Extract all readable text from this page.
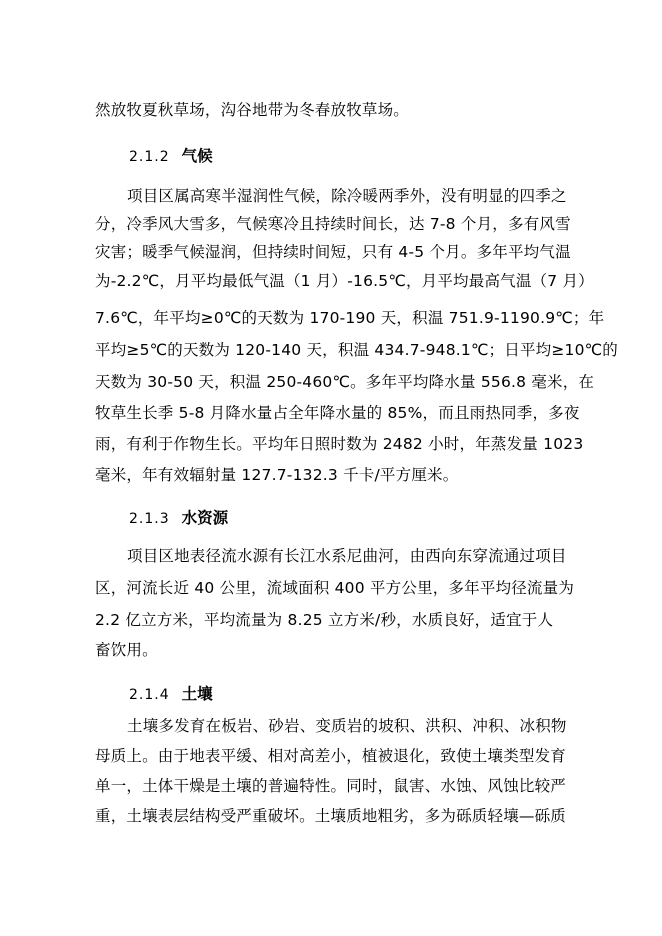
然放牧夏秋草场，沟谷地带为冬春放牧草场。
2.1.2 气候
项目区属高寒半湿润性气候，除冷暖两季外，没有明显的四季之
分，冷季风大雪多，气候寒冷且持续时间长，达 7-8 个月，多有风雪
灾害；暖季气候湿润，但持续时间短，只有 4-5 个月。多年平均气温
为-2.2℃，月平均最低气温（1 月）-16.5℃，月平均最高气温（7 月）
7.6℃，年平均≥0℃的天数为 170-190 天，积温 751.9-1190.9℃；年
平均≥5℃的天数为 120-140 天，积温 434.7-948.1℃；日平均≥10℃的
天数为 30-50 天，积温 250-460℃。多年平均降水量 556.8 毫米，在
牧草生长季 5-8 月降水量占全年降水量的 85%，而且雨热同季，多夜
雨，有利于作物生长。平均年日照时数为 2482 小时，年蒸发量 1023
毫米，年有效辐射量 127.7-132.3 千卡/平方厘米。
2.1.3 水资源
项目区地表径流水源有长江水系尼曲河，由西向东穿流通过项目
区，河流长近 40 公里，流域面积 400 平方公里，多年平均径流量为
2.2 亿立方米，平均流量为 8.25 立方米/秒，水质良好，适宜于人
畜饮用。
2.1.4 土壤
土壤多发育在板岩、砂岩、变质岩的坡积、洪积、冲积、冰积物
母质上。由于地表平缓、相对高差小，植被退化，致使土壤类型发育
单一，土体干燥是土壤的普遍特性。同时，鼠害、水蚀、风蚀比较严
重，土壤表层结构受严重破坏。土壤质地粗劣，多为砾质轻壤—砾质
